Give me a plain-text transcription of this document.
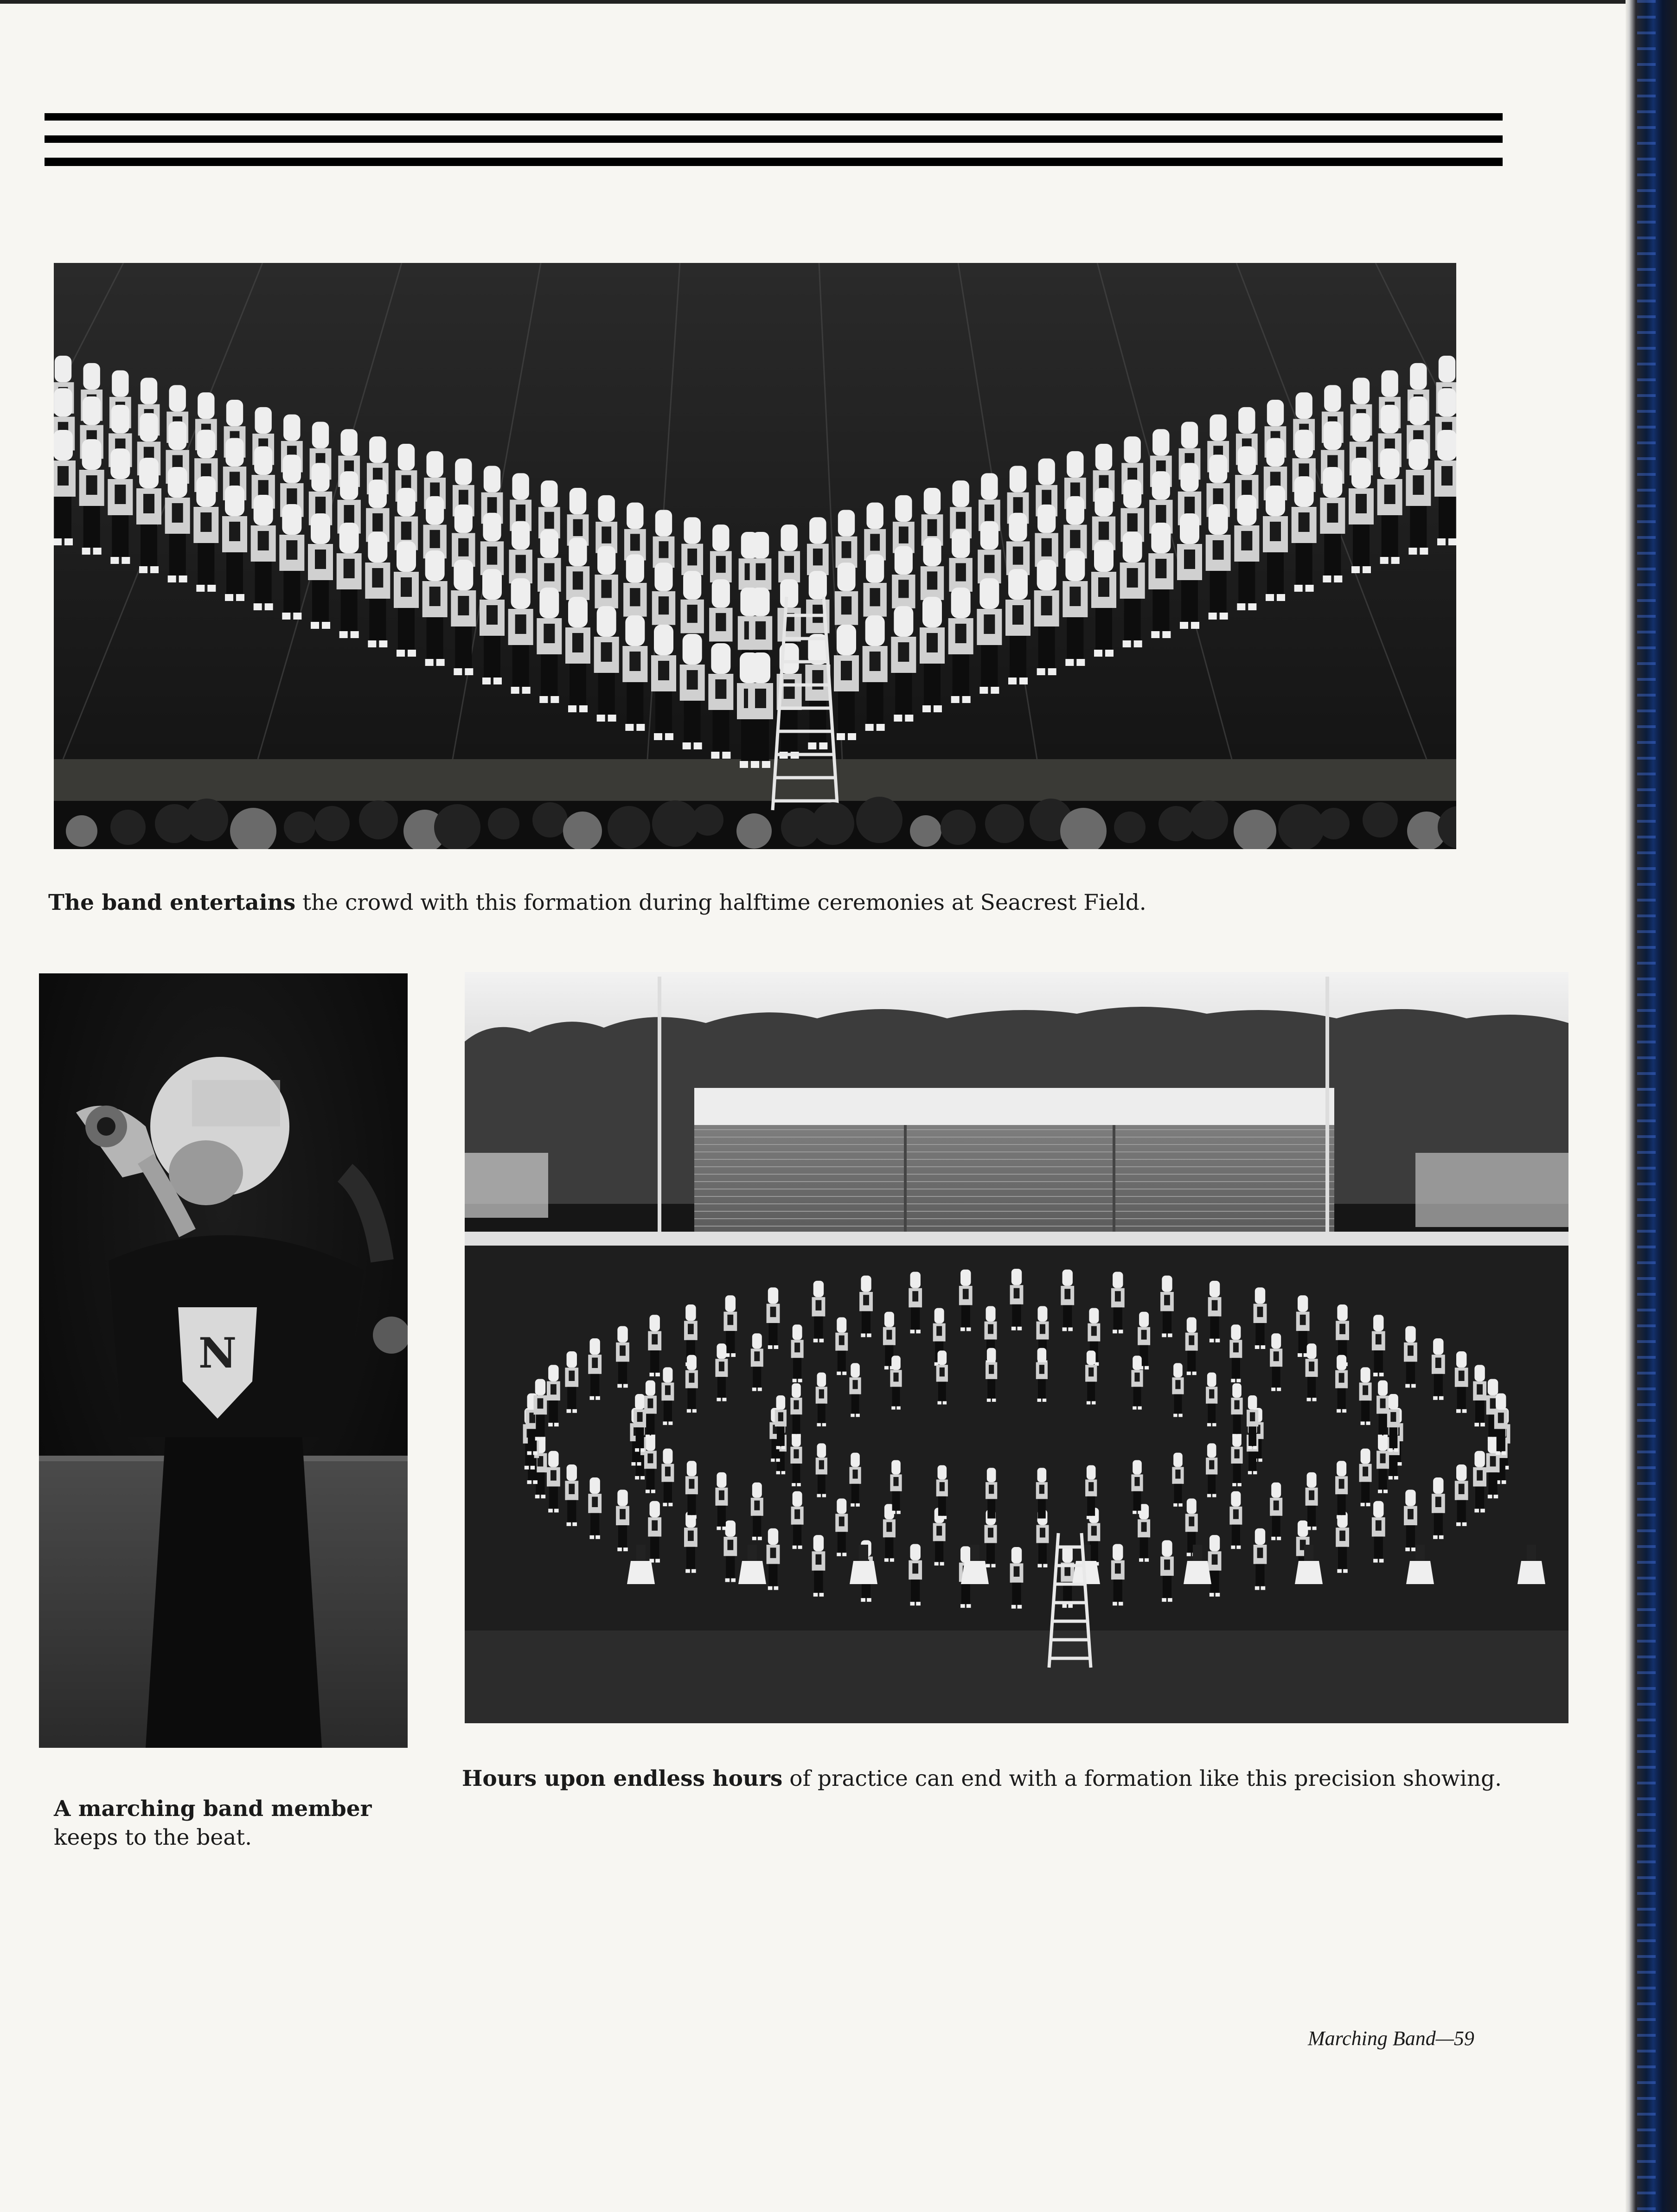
The band entertains the crowd with this formation during halftime ceremonies at Seacrest Field.
N
A marching band member keeps to the beat.
Hours upon endless hours of practice can end with a formation like this precision showing.
Marching Band—59
